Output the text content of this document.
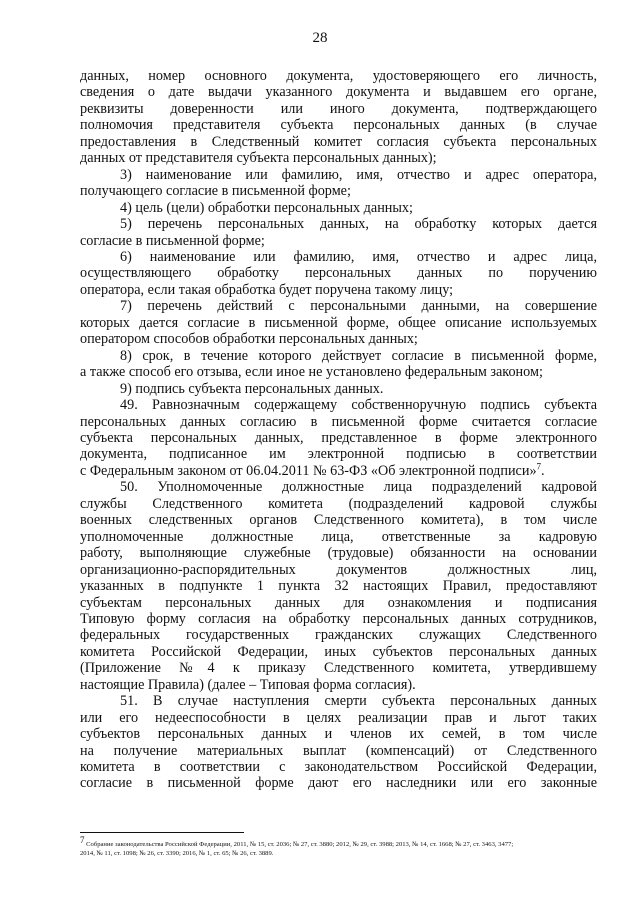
28
данных, номер основного документа, удостоверяющего его личность,
сведения о дате выдачи указанного документа и выдавшем его органе,
реквизиты доверенности или иного документа, подтверждающего
полномочия представителя субъекта персональных данных (в случае
предоставления в Следственный комитет согласия субъекта персональных
данных от представителя субъекта персональных данных);
3) наименование или фамилию, имя, отчество и адрес оператора,
получающего согласие в письменной форме;
4) цель (цели) обработки персональных данных;
5) перечень персональных данных, на обработку которых дается
согласие в письменной форме;
6) наименование или фамилию, имя, отчество и адрес лица,
осуществляющего обработку персональных данных по поручению
оператора, если такая обработка будет поручена такому лицу;
7) перечень действий с персональными данными, на совершение
которых дается согласие в письменной форме, общее описание используемых
оператором способов обработки персональных данных;
8) срок, в течение которого действует согласие в письменной форме,
а также способ его отзыва, если иное не установлено федеральным законом;
9) подпись субъекта персональных данных.
49. Равнозначным содержащему собственноручную подпись субъекта
персональных данных согласию в письменной форме считается согласие
субъекта персональных данных, представленное в форме электронного
документа, подписанное им электронной подписью в соответствии
с Федеральным законом от 06.04.2011 № 63-ФЗ «Об электронной подписи»$^7$.
50. Уполномоченные должностные лица подразделений кадровой
службы Следственного комитета (подразделений кадровой службы
военных следственных органов Следственного комитета), в том числе
уполномоченные должностные лица, ответственные за кадровую
работу, выполняющие служебные (трудовые) обязанности на основании
организационно-распорядительных документов должностных лиц,
указанных в подпункте 1 пункта 32 настоящих Правил, предоставляют
субъектам персональных данных для ознакомления и подписания
Типовую форму согласия на обработку персональных данных сотрудников,
федеральных государственных гражданских служащих Следственного
комитета Российской Федерации, иных субъектов персональных данных
(Приложение №4 к приказу Следственного комитета, утвердившему
настоящие Правила) (далее – Типовая форма согласия).
51. В случае наступления смерти субъекта персональных данных
или его недееспособности в целях реализации прав и льгот таких
субъектов персональных данных и членов их семей, в том числе
на получение материальных выплат (компенсаций) от Следственного
комитета в соответствии с законодательством Российской Федерации,
согласие в письменной форме дают его наследники или его законные
$^7$ Собрание законодательства Российской Федерации, 2011, № 15, ст. 2036; № 27, ст. 3880; 2012, № 29, ст. 3988; 2013, № 14, ст. 1668; № 27, ст. 3463, 3477;
2014, № 11, ст. 1098; № 26, ст. 3390; 2016, № 1, ст. 65; № 26, ст. 3889.
